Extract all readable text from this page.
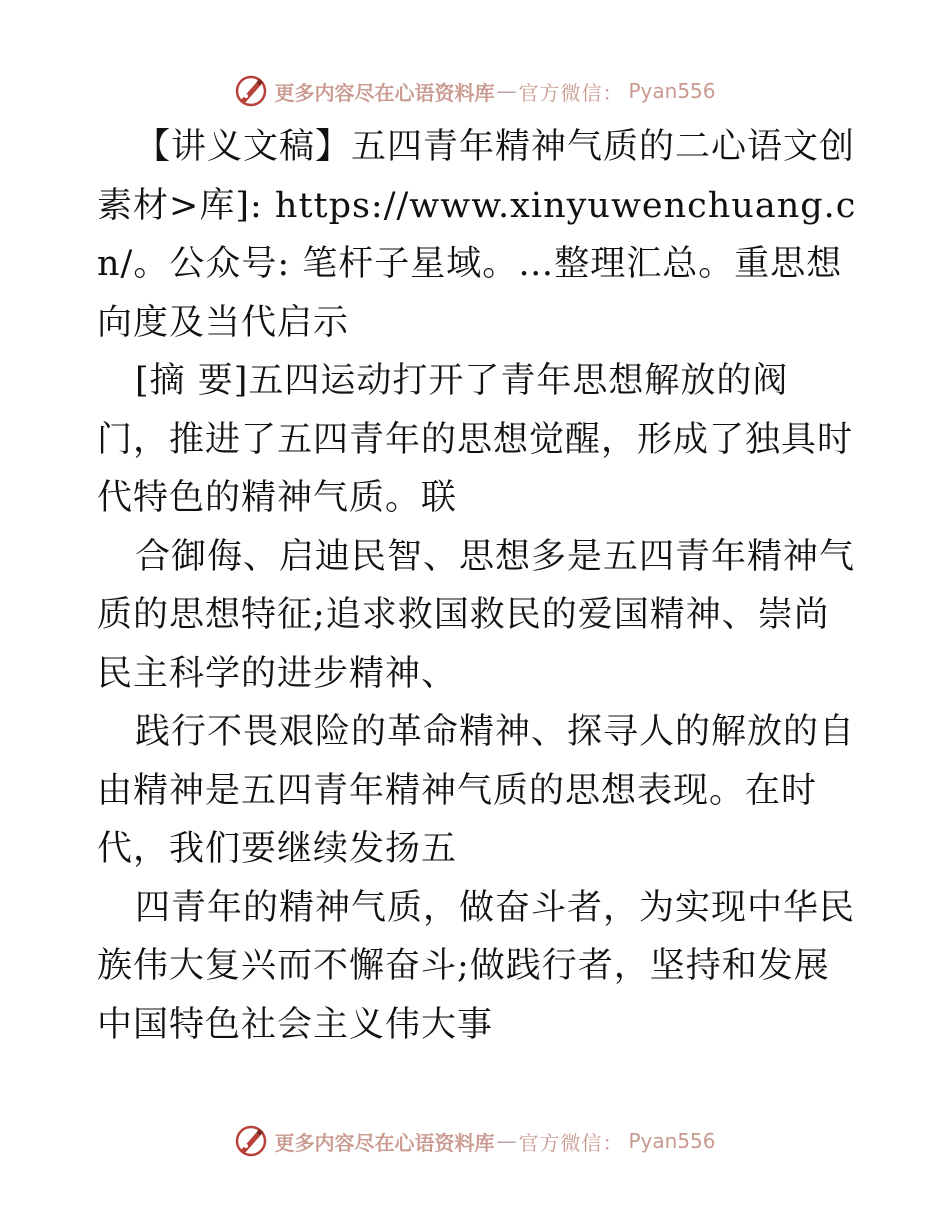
更多内容尽在心语资料库 — 官方微信 ： Pyan556

【讲义文稿】五四青年精神气质的二心语文创素材>库]: https://www.xinyuwenchuang.cn/。公众号: 笔杆子星域。…整理汇总。重思想向度及当代启示

[摘 要]五四运动打开了青年思想解放的阀门，推进了五四青年的思想觉醒，形成了独具时代特色的精神气质。联

合御侮、启迪民智、思想多是五四青年精神气质的思想特征;追求救国救民的爱国精神、崇尚民主科学的进步精神、

践行不畏艰险的革命精神、探寻人的解放的自由精神是五四青年精神气质的思想表现。在时代，我们要继续发扬五

四青年的精神气质，做奋斗者，为实现中华民族伟大复兴而不懈奋斗;做践行者，坚持和发展中国特色社会主义伟大事

更多内容尽在心语资料库 — 官方微信 ： Pyan556
